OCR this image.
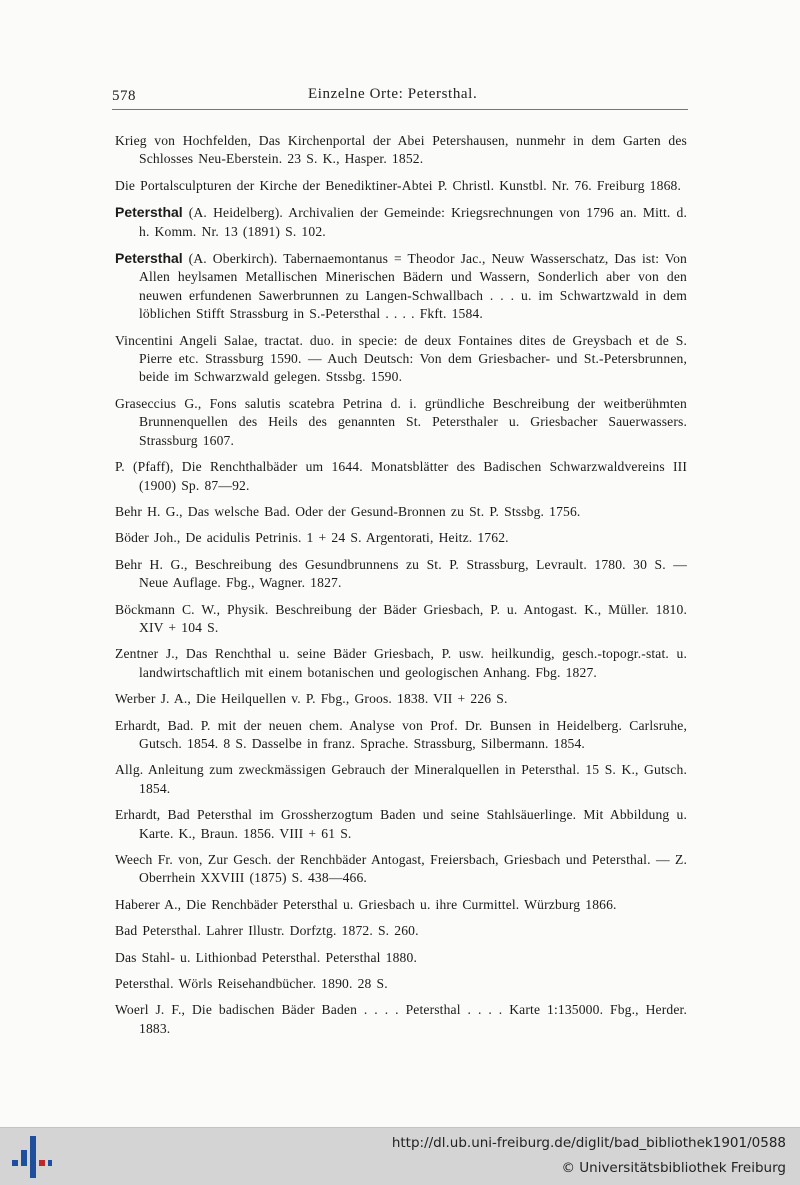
578	Einzelne Orte: Petersthal.

Krieg von Hochfelden, Das Kirchenportal der Abei Petershausen, nunmehr in dem Garten des Schlosses Neu-Eberstein. 23 S. K., Hasper. 1852.

Die Portalsculpturen der Kirche der Benediktiner-Abtei P. Christl. Kunstbl. Nr. 76. Freiburg 1868.

Petersthal (A. Heidelberg). Archivalien der Gemeinde: Kriegsrechnungen von 1796 an. Mitt. d. h. Komm. Nr. 13 (1891) S. 102.

Petersthal (A. Oberkirch). Tabernaemontanus = Theodor Jac., Neuw Wasserschatz, Das ist: Von Allen heylsamen Metallischen Minerischen Bädern und Wassern, Sonderlich aber von den neuwen erfundenen Sawerbrunnen zu Langen-Schwallbach . . . u. im Schwartzwald in dem löblichen Stifft Strassburg in S.-Petersthal . . . . Fkft. 1584.

Vincentini Angeli Salae, tractat. duo. in specie: de deux Fontaines dites de Greysbach et de S. Pierre etc. Strassburg 1590. — Auch Deutsch: Von dem Griesbacher- und St.-Petersbrunnen, beide im Schwarzwald gelegen. Stssbg. 1590.

Graseccius G., Fons salutis scatebra Petrina d. i. gründliche Beschreibung der weitberühmten Brunnenquellen des Heils des genannten St. Petersthaler u. Griesbacher Sauerwassers. Strassburg 1607.

P. (Pfaff), Die Renchthalbäder um 1644. Monatsblätter des Badischen Schwarzwaldvereins III (1900) Sp. 87—92.

Behr H. G., Das welsche Bad. Oder der Gesund-Bronnen zu St. P. Stssbg. 1756.

Böder Joh., De acidulis Petrinis. 1 + 24 S. Argentorati, Heitz. 1762.

Behr H. G., Beschreibung des Gesundbrunnens zu St. P. Strassburg, Levrault. 1780. 30 S. — Neue Auflage. Fbg., Wagner. 1827.

Böckmann C. W., Physik. Beschreibung der Bäder Griesbach, P. u. Antogast. K., Müller. 1810. XIV + 104 S.

Zentner J., Das Renchthal u. seine Bäder Griesbach, P. usw. heilkundig, gesch.-topogr.-stat. u. landwirtschaftlich mit einem botanischen und geologischen Anhang. Fbg. 1827.

Werber J. A., Die Heilquellen v. P. Fbg., Groos. 1838. VII + 226 S.

Erhardt, Bad. P. mit der neuen chem. Analyse von Prof. Dr. Bunsen in Heidelberg. Carlsruhe, Gutsch. 1854. 8 S. Dasselbe in franz. Sprache. Strassburg, Silbermann. 1854.

Allg. Anleitung zum zweckmässigen Gebrauch der Mineralquellen in Petersthal. 15 S. K., Gutsch. 1854.

Erhardt, Bad Petersthal im Grossherzogtum Baden und seine Stahlsäuerlinge. Mit Abbildung u. Karte. K., Braun. 1856. VIII + 61 S.

Weech Fr. von, Zur Gesch. der Renchbäder Antogast, Freiersbach, Griesbach und Petersthal. — Z. Oberrhein XXVIII (1875) S. 438—466.

Haberer A., Die Renchbäder Petersthal u. Griesbach u. ihre Curmittel. Würzburg 1866.

Bad Petersthal. Lahrer Illustr. Dorfztg. 1872. S. 260.

Das Stahl- u. Lithionbad Petersthal. Petersthal 1880.

Petersthal. Wörls Reisehandbücher. 1890. 28 S.

Woerl J. F., Die badischen Bäder Baden . . . . Petersthal . . . . Karte 1:135000. Fbg., Herder. 1883.

http://dl.ub.uni-freiburg.de/diglit/bad_bibliothek1901/0588
© Universitätsbibliothek Freiburg
